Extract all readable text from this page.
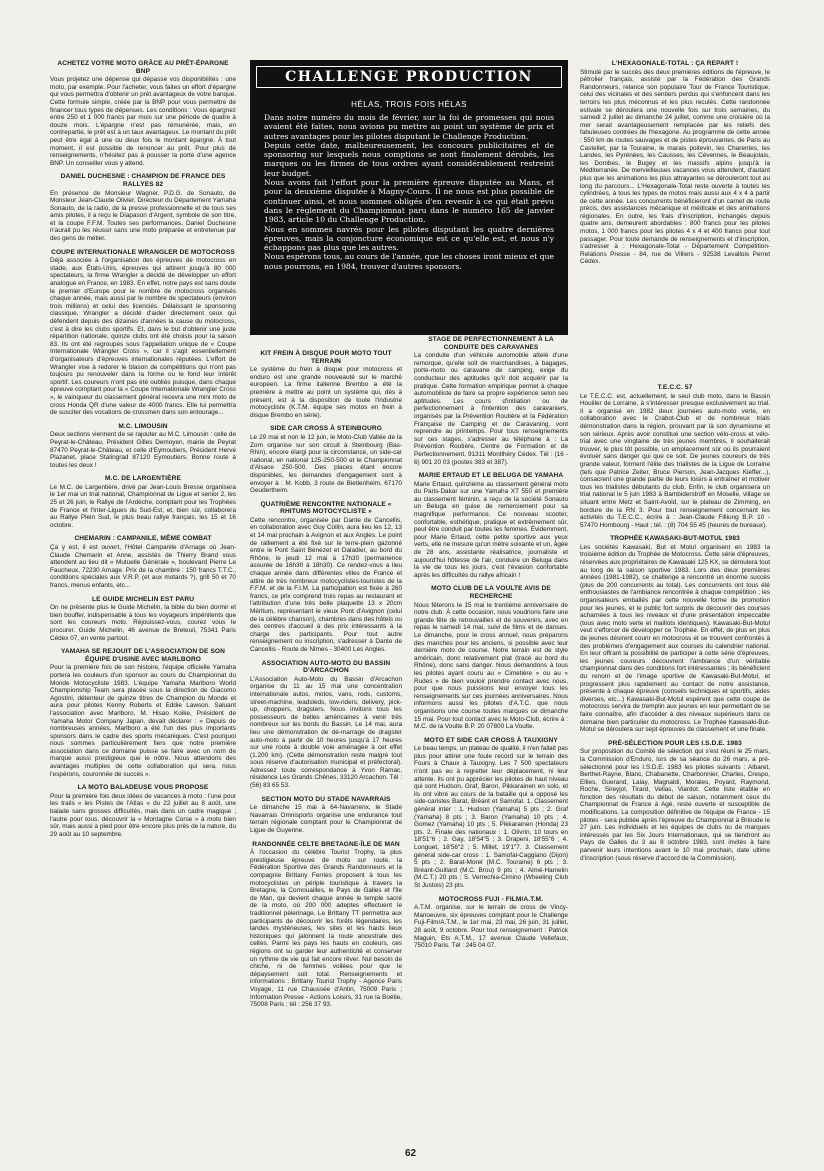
ACHETEZ VOTRE MOTO GRÂCE AU PRÊT-ÉPARGNE BNP

Vous projetez une dépense qui dépasse vos disponibilités : une moto, par exemple. Pour l'acheter, vous faites un effort d'épargne qui vous permettra d'obtenir un prêt avantageux de votre banque. Cette formule simple, créée par la BNP pour vous permettre de financer tous types de dépenses. Les conditions : Vous épargnez entre 250 et 1 000 francs par mois sur une période de quatre à douze mois. L'épargne n'est pas rémunérée, mais, en contrepartie, le prêt est à un taux avantageux. Le montant du prêt peut être égal à une ou deux fois le montant épargné. À tout moment, il est possible de renoncer au prêt. Pour plus de renseignements, n'hésitez pas à pousser la porte d'une agence BNP. Un conseiller vous y attend.

DANIEL DUCHESNE : CHAMPION DE FRANCE DES RALLYES 82

En présence de Monsieur Wagner, P.D.G. de Sonauto, de Monsieur Jean-Claude Olivier, Directeur du Département Yamaha Sonauto, de la radio, de la presse professionnelle et de tous ses amis pilotes, il a reçu le Diapason d'Argent, symbole de son titre, et la coupe F.F.M. Toutes ses performances, Daniel Duchesne n'aurait pu les réussir sans une moto préparée et entretenue par des gens de métier.

COUPE INTERNATIONALE WRANGLER DE MOTOCROSS

Déjà associée à l'organisation des épreuves de motocross en stade, aux États-Unis, épreuves qui attirent jusqu'à 80 000 spectateurs, la firme Wrangler a décidé de développer un effort analogue en France, en 1983. En effet, notre pays est sans doute le premier d'Europe pour le nombre de motocross organisés chaque année, mais aussi par le nombre de spectateurs (environ trois millions) et celui des licenciés. Délaissant le sponsoring classique, Wrangler a décidé d'aider directement ceux qui défendent depuis des dizaines d'années la cause du motocross, c'est à dire les clubs sportifs. Et, dans le but d'obtenir une juste répartition nationale, quinze clubs ont été choisis pour la saison 83. Ils ont été regroupés sous l'appellation unique de « Coupe Internationale Wrangler Cross », car il s'agit essentiellement d'organisateurs d'épreuves internationales réputées. L'effort de Wrangler vise à redorer le blason de compétitions qui n'ont pas toujours pu renouveler dans la forme ou le fond leur intérêt sportif. Les coureurs n'ont pas été oubliés puisque, dans chaque épreuve comptant pour la « Coupe Internationale Wrangler Cross », le vainqueur du classement général recevra une mini moto de cross Honda QR d'une valeur de 4000 francs. Elle lui permettra de susciter des vocations de crossmen dans son entourage...

M.C. LIMOUSIN

Deux sections viennent de se rajouter au M.C. Limousin : celle de Peyrat-le-Château, Président Gilles Demoyen, mairie de Peyrat 87470 Peyrat-le-Château, et celle d'Eymoutiers, Président Hervé Plazanet, place Stalingrad 87120 Eymoutiers. Bonne route à toutes les deux !

M.C. DE LARGENTIÈRE

Le M.C. de Largentière, drivé par Jean-Louis Bresse organisera le 1er mai un trial national, Championnat de Ligue et senior 2, les 25 et 26 juin, le Rallye de l'Ardèche, comptant pour les Trophées de France et l'Inter-Ligues du Sud-Est, et, bien sûr, collaborera au Rallye Plein Sud, le plus beau rallye français, les 15 et 16 octobre.

CHEMARIN : CAMPANILE, MÊME COMBAT

Ça y est, il est ouvert, l'Hôtel Campanile d'Arnage où Jean-Claude Chemarin et Anne, assistés de Thierry Brand vous attendent au lieu dit « Mutuelle Générale », boulevard Pierre Le Faucheux, 72230 Arnage. Prix de la chambre : 150 francs T.T.C., conditions spéciales aux V.R.P. (et aux motards ?), grill 50 et 70 francs, menus enfants, etc...

LE GUIDE MICHELIN EST PARU

On ne présente plus le Guide Michelin, la bible du bien dormir et bien bouffer, indispensable à tous les voyageurs impénitents que sont les coureurs moto. Réjouissez-vous, courez vous le procurer. Guide Michelin, 46 avenue de Breteuil, 75341 Paris Cédex 07, en vente partout.

YAMAHA SE REJOUIT DE L'ASSOCIATION DE SON ÉQUIPE D'USINE AVEC MARLBORO

Pour la première fois de son histoire, l'équipe officielle Yamaha portera les couleurs d'un sponsor au cours du Championnat du Monde Motocycliste 1983. L'équipe Yamaha Marlboro World Championship Team sera placée sous la direction de Giacomo Agostini, détenteur de quinze titres de Champion du Monde et aura pour pilotes Kenny Roberts et Eddie Lawson. Saluant l'association avec Marlboro, M. Hisao Koike, Président de Yamaha Motor Company Japan, devait déclarer : « Depuis de nombreuses années, Marlboro a été l'un des plus importants sponsors dans le cadre des sports mécaniques. C'est pourquoi nous sommes particulièrement fiers que notre première association dans ce domaine puisse se faire avec un nom de marque aussi prestigieux que le nôtre. Nous attendons des avantages multiples de cette collaboration qui sera, nous l'espérons, couronnée de succès ».

LA MOTO BALADEUSE VOUS PROPOSE

Pour la première fois deux idées de vacances à moto : l'une pour les trails « les Pistes de l'Atlas » du 22 juillet au 8 août, une balade sans grosses difficultés, mais dans un cadre magique ; l'autre pour tous, découvrir la « Montagne Corse » à moto bien sûr, mais aussi à pied pour être encore plus près de la nature, du 29 août au 10 septembre.

CHALLENGE PRODUCTION
HÉLAS, TROIS FOIS HÉLAS

Dans notre numéro du mois de février, sur la foi de promesses qui nous avaient été faites, nous avions pu mettre au point un système de prix et autres avantages pour les pilotes disputant le Challenge Production.

Depuis cette date, malheureusement, les concours publicitaires et de sponsoring sur lesquels nous comptions se sont finalement dérobés, les marques ou les firmes de tous ordres ayant considérablement restreint leur budget.

Nous avons fait l'effort pour la première épreuve disputée au Mans, et pour la deuxième disputée à Magny-Cours. Il ne nous est plus possible de continuer ainsi, et nous sommes obligés d'en revenir à ce qui était prévu dans le règlement du Championnat paru dans le numéro 165 de janvier 1983, article 10 du Challenge Production.

Nous en sommes navrés pour les pilotes disputant les quatre dernières épreuves, mais la conjoncture économique est ce qu'elle est, et nous n'y échappons pas plus que les autres.

Nous espérons tous, au cours de l'année, que les choses iront mieux et que nous pourrons, en 1984, trouver d'autres sponsors.

KIT FREIN À DISQUE POUR MOTO TOUT TERRAIN

Le système du frein à disque pour motocross et enduro est une grande nouveauté sur le marché européen. La firme italienne Brembo a été la première à mettre au point un système qui, dès à présent, est à la disposition de toute l'industrie motocycliste (K.T.M. équipe ses motos en frein à disque Brembo en série).

SIDE CAR CROSS À STEINBOURG

Le 29 mai et non le 12 juin, le Moto-Club Vallée de la Zorn organise sur son circuit à Steinbourg (Bas-Rhin), encore élargi pour la circonstance, un side-car national, en national 125-250-500 et le Championnat d'Alsace 250-500. Des places étant encore disponibles, les demandes d'engagement sont à envoyer à : M. Kobb, 3 route de Bietlenheim, 67170 Geudertheim.

QUATRIÈME RENCONTRE NATIONALE « RHITUMS MOTOCYCLISTE »

Cette rencontre, organisée par Dante de Cancellis, en collaboration avec Guy Collin, aura lieu les 12, 13 et 14 mai prochain à Avignon et aux Angles. Le point de ralliement a été fixé sur le terre-plein gazonné entre le Pont Saint Bénézet et Daladier, au bord du Rhône, le jeudi 12 mai à 17h30 (permanence assurée de 16h30 à 18h30). Ce rendez-vous a lieu chaque année dans différentes villes de France et attire de très nombreux motocyclistes-touristes de la F.F.M. et de la F.I.M. La participation est fixée à 260 francs, ce prix comprend trois repas au restaurant et l'attribution d'une très belle plaquette 13 x 20cm Méritum, représentant le vieux Pont d'Avignon (celui de la célèbre chanson), chambres dans des hôtels ou des centres d'accueil à des prix intéressants à la charge des participants. Pour tout autre renseignement ou inscription, s'adresser à Dante de Cancellis - Route de Nîmes - 30400 Les Angles.

ASSOCIATION AUTO-MOTO DU BASSIN D'ARCACHON

L'Association Auto-Moto du Bassin d'Arcachon organise du 11 au 15 mai une concentration internationale autos, motos, vans, rods, customs, street-machine, leadsleds, low-riders, delivery, pick-up, choppers, dragsters. Nous invitons tous les possesseurs de belles américaines à venir très nombreux sur les bords du Bassin. Le 14 mai, aura lieu une démonstration de dé-marrage de dragster auto-moto à partir de 10 heures jusqu'à 17 heures sur une route à double voie aménagée à cet effet (1.200 km). (Cette démonstration reste malgré tout sous réserve d'autorisation municipal et préfectoral). Adressez toute correspondance à Yvon Ramac, résidence Les Grands Chênes, 33120 Arcachon. Tél : (56) 83 65 53.

SECTION MOTO DU STADE NAVARRAIS

Le dimanche 15 mai à 64-Navarrenx, le Stade Navarrais Omnisports organise une endurance tout terrain régionale comptant pour le Championnat de Ligue de Guyenne.

RANDONNÉE CELTE BRETAGNE-ÎLE DE MAN

À l'occasion du célèbre Tourist Trophy, la plus prestigieuse épreuve de moto sur route, la Fédération Sportive des Grands Randonneurs et la compagnie Brittany Ferries proposent à tous les motocyclistes un périple touristique à travers la Bretagne, la Cornouailles, le Pays de Galles et l'île de Man, qui devient chaque année le temple sacré de la moto, où 200 000 adeptes effectuent le traditionnel pèlerinage. Le Brittany TT permettra aux participants de découvrir les forêts légendaires, les landes mystérieuses, les sites et les hauts lieux historiques qui jalonnent la route ancestrale des celtes. Parmi les pays les hauts en couleurs, ces régions ont su garder leur authenticité et conserver un rythme de vie qui fait encore rêver. Nul besoin de chiche, ni de femmes voilées pour que le dépaysement soit total. Renseignements et informations : Brittany Tourist Trophy - Agence Paris Voyage, 11 rue Chaussée d'Antin, 75009 Paris ; Information Presse - Actions Loisirs, 31 rue la Boétie, 75008 Paris ; tél : 256 37 93.

STAGE DE PERFECTIONNEMENT À LA CONDUITE DES CARAVANES

La conduite d'un véhicule automobile attelé d'une remorque, qu'elle soit de marchandises, à bagages, porte-moto ou caravane de camping, exige du conducteur des aptitudes qu'il doit acquérir par la pratique. Cette formation empirique permet à chaque automobiliste de faire sa propre expérience selon ses aptitudes. Les cours d'initiation ou de perfectionnement à l'intention des caravaniers, organisés par la Prévention Routière et la Fédération Française de Camping et de Caravaning, vont reprendre au printemps. Pour tous renseignements sur ces stages, s'adresser au téléphone à : La Prévention Routière, Centre de Formation et de Perfectionnement, 91311 Montlhéry Cédex. Tél : (16 - 6) 901 20 03 (postes 383 et 387).

MARIE ERTAUD ET LE BELUGA DE YAMAHA

Marie Ertaud, quinzième au classement général moto du Paris-Dakar sur une Yamaha XT 550 et première au classement féminin, a reçu de la société Sonauto un Beluga en guise de remerciement pour sa magnifique performance. Ce nouveau scooter, confortable, esthétique, pratique et extrêmement sûr, peut être conduit par toutes les femmes. Évidemment, pour Marie Ertaud, cette petite sportive aux yeux verts, elle ne mesure qu'un mètre soixante et un, âgée de 28 ans, assistante réalisatrice, journaliste et aujourd'hui hôtesse de l'air, conduire un Beluga dans la vie de tous les jours, c'est l'évasion confortable après les difficultés du rallye africain !

MOTO CLUB DE LA VOULTE AVIS DE RECHERCHE

Nous fêterons le 15 mai le trentième anniversaire de notre club. À cette occasion, nous voudrions faire une grande fête de retrouvailles et de souvenirs, avec en repas le samedi 14 mai, suivi de films et de danses. Le dimanche, pour le cross annuel, nous préparons des manches pour les anciens, si possible avec leur dernière moto de course. Notre terrain est de style américain, donc relativement plat (tracé au bord du Rhône), donc sans danger. Nous demandons à tous les pilotes ayant couru au « Cimetière » ou au « Rudes » de bien vouloir prendre contact avec nous, pour que nous puissions leur envoyer tous les renseignements sur ces journées anniversaires. Nous informons aussi les pilotes d'A.T.C. que nous organisons une course toutes marques ce dimanche 15 mai. Pour tout contact avec le Moto-Club, écrire à : M.C. de la Voulte B.P. 20 07800 La Voulte.

MOTO ET SIDE CAR CROSS À TAUXIGNY

Le beau temps, un plateau de qualité, il n'en fallait pas plus pour attirer une foule record sur le terrain des Fours à Chaux à Tauxigny. Les 7 500 spectateurs n'ont pas eu à regretter leur déplacement, ni leur attente. Ils ont pu apprécier les pilotes de haut niveau qui sont Hudson, Graf, Baron, Pikkarainen en solo, et ils ont vibré au cours de la bataille qui a opposé les side-caristes Barat, Bréant et Samofal. 1. Classement général inter : 1. Hudson (Yamaha) 5 pts ; 2. Graf (Yamaha) 8 pts ; 3. Baron (Yamaha) 10 pts ; 4. Gomez (Yamaha) 10 pts ; 5. Pikkarainen (Honda) 23 pts. 2. Finale des nationaux : 1. Olivrin, 10 tours en 18'51"6 ; 2. Gay, 18'54"5 ; 3. Drapeni, 18'55"6 ; 4. Longuet, 18'56"2 ; 5. Millet, 19'1"7. 3. Classement général side-car cross : 1. Samofal-Caggiano (Dijon) 5 pts ; 2. Barat-Morel (M.C. Touraine) 6 pts ; 3. Bréant-Guillard (M.C. Brou) 9 pts ; 4. Aimé-Hamelin (M.C.T.) 20 pts ; 5. Verrechia-Cimino (Wheeling Club St Justois) 23 pts.

MOTOCROSS FUJI - FILM/A.T.M.

A.T.M. organise, sur le terrain de cross de Vincy-Manoeuvre, six épreuves comptant pour le Challenge Fuji-Film/A.T.M., le 1er mai, 23 mai, 26 juin, 31 juillet, 28 août, 9 octobre. Pour tout renseignement : Patrick Maguin, Ets A.T.M., 17 avenue Claude Vellefaux, 75010 Paris. Tél : 245 04 07.

L'HEXAGONALE-TOTAL : ÇA REPART !

Stimulé par le succès des deux premières éditions de l'épreuve, le pétrolier français, assisté par la Fédération des Grands Randonneurs, relance son populaire Tour de France Touristique, celui des vicinales et des sentiers perdus qui s'enfoncent dans les terroirs les plus méconnus et les plus reculés. Cette randonnée estivale se déroulera une nouvelle fois sur trois semaines, du samedi 2 juillet au dimanche 24 juillet, comme une croisière où la mer serait avantageusement remplacée par les reliefs des fabuleuses contrées de l'hexagone. Au programme de cette année : 550 km de routes sauvages et de pistes éprouvantes, de Paris au Castellet, par la Touraine, le marais poitevin, les Charentes, les Landes, les Pyrénées, les Causses, les Cévennes, le Beaujolais, les Dombes, le Bugey et les massifs alpins jusqu'à la Méditerranée. De merveilleuses vacances vous attendent, d'autant plus que les animations les plus attrayantes se dérouleront tout au long du parcours... L'Hexagonale-Total reste ouverte à toutes les cylindrées, à tous les types de motos mais aussi aux 4 x 4 à partir de cette année. Les concurrents bénéficieront d'un carnet de route précis, des assistances mécanique et médicale et des animations régionales. En outre, les frais d'inscription, inchangés depuis quatre ans, demeurent abordables : 800 francs pour les pilotes motos, 1 000 francs pour les pilotes 4 x 4 et 400 francs pour tout passager. Pour toute demande de renseignements et d'inscription, s'adresser à : Hexagonale-Total - Département Compétition-Relations Presse - 84, rue de Villiers - 92538 Levallois Perret Cédex.

T.E.C.C. 57

Le T.E.C.C. est, actuellement, le seul club moto, dans le Bassin Houiller de Lorraine, à s'intéresser presque exclusivement au trial. Il a organisé en 1982 deux journées auto-moto verte, en collaboration avec le Crabot-Club et de nombreux trials démonstration dans la région, prouvant par là son dynamisme et son sérieux. Après avoir constitué une section vélo-cross et vélo-trial avec une vingtaine de très jeunes membres, il souhaiterait trouver, le plus tôt possible, un emplacement sûr où ils pourraient évoluer sans danger qui que ce soit. De jeunes coureurs de très grande valeur, forment l'élite des trialistes de la Ligue de Lorraine (tels que Patrice Zeiter, Bruce Pierson, Jean-Jacques Kieffer...), consacrent une grande partie de leurs loisirs à entraîner et motiver tous les trialistes débutants du club. Enfin, le club organisera un trial national le 5 juin 1983 à Bambiderstroff en Moselle, village se situant entre Metz et Saint-Avold, sur le plateau de Zimming, en bordure de la RN 3. Pour tout renseignement concernant les activités du T.E.C.C., écrire à : Jean-Claude Filliung B.P. 10 - 57470 Hombourg - Haut ; tél. : (8) 704 55 45 (heures de bureaux).

TROPHÉE KAWASAKI-BUT-MOTUL 1983

Les sociétés Kawasaki, But et Motul organisent en 1983 la troisième édition du Trophée de Motocross. Cette série d'épreuves, réservées aux propriétaires de Kawasaki 125 KX, se déroulera tout au long de la saison sportive 1983. Lors des deux premières années (1981-1982), ce challenge a rencontré un énorme succès (plus de 200 concurrents au total). Les concurrents ont tous été enthousiastes de l'ambiance rencontrée à chaque compétition ; les organisateurs emballés par cette nouvelle forme de promotion pour les jeunes, et le public fort surpris de découvrir des courses acharnées à tous les niveaux et d'une présentation impeccable (tous avec moto verte et maillots identiques). Kawasaki-But-Motul veut s'efforcer de développer ce Trophée. En effet, de plus en plus de jeunes désirent courir en motocross et se trouvent confrontés à des problèmes d'engagement aux courses du calendrier national. En leur offrant la possibilité de participer à cette série d'épreuves, les jeunes coureurs découvrent l'ambiance d'un véritable championnat dans des conditions fort intéressantes ; ils bénéficient du renom et de l'image sportive de Kawasaki-But-Motul, et progressent plus rapidement au contact de notre assistance, présente à chaque épreuve (conseils techniques et sportifs, aides diverses, etc...) Kawasaki-But-Motul espèrent que cette coupe de motocross servira de tremplin aux jeunes en leur permettant de se faire connaître, afin d'accéder à des niveaux supérieurs dans ce domaine bien particulier du motocross. Le Trophée Kawasaki-But-Motul se déroulera sur sept épreuves de classement et une finale.

PRÉ-SÉLECTION POUR LES I.S.D.E. 1983

Sur proposition du Comité de sélection qui s'est réuni le 25 mars, la Commission d'Enduro, lors de sa séance du 26 mars, a pré-sélectionné pour les I.S.D.E. 1983 les pilotes suivants : Albaret, Berthet-Rayne, Blanc, Chabanette, Charbonnier, Charles, Crespo, Ellies, Guerand, Lalay, Magnaldi, Morales, Poyard, Raymond, Roche, Sireyjol, Tirard, Vellas, Viardot. Cette liste établie en fonction des résultats du début de saison, notamment ceux du Championnat de France à Agé, reste ouverte et susceptible de modifications. La composition définitive de l'équipe de France - 15 pilotes - sera publiée après l'épreuve du Championnat à Brioude le 27 juin. Les individuels et les équipes de clubs ou de marques intéressés par les Six Jours Internationaux, qui se tiendront au Pays de Galles du 3 au 8 octobre 1983, sont invités à faire parvenir leurs intentions avant le 10 mai prochain, date ultime d'inscription (sous réserve d'accord de la Commission).

62
